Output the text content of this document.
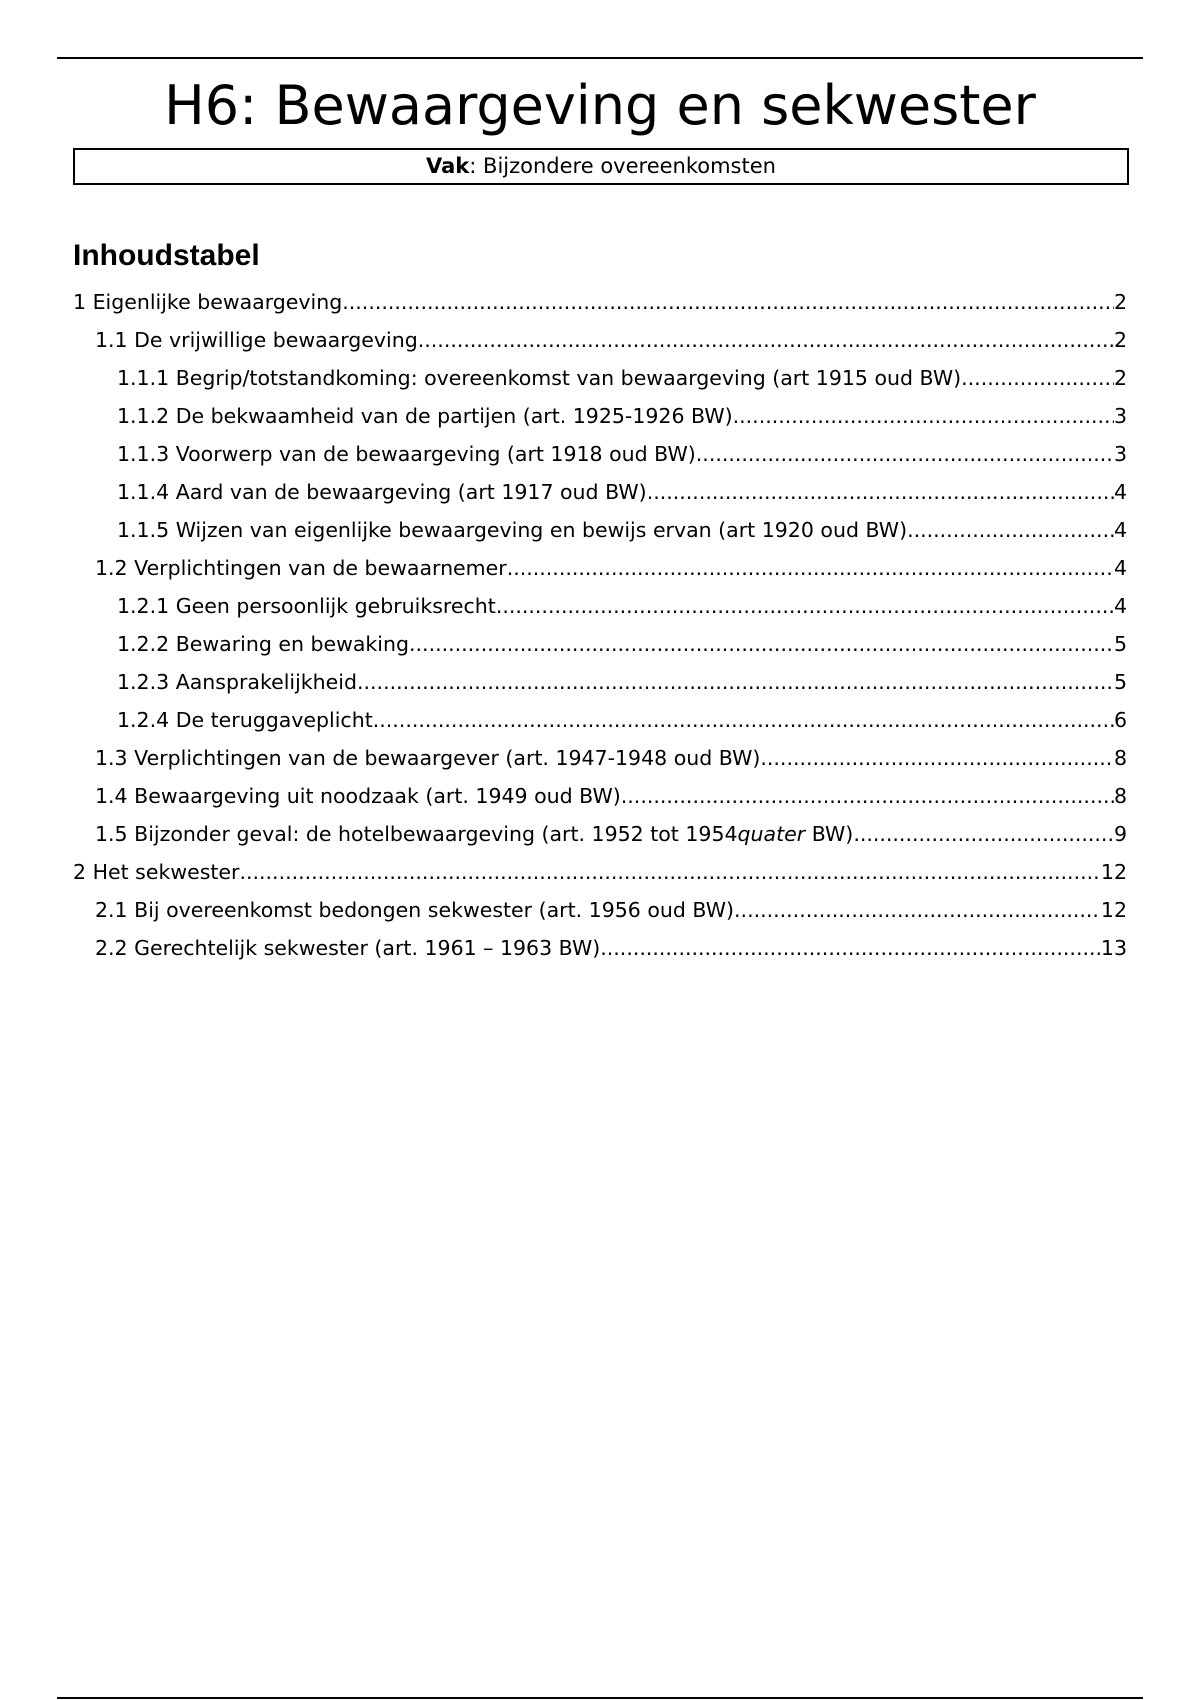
H6: Bewaargeving en sekwester
Vak: Bijzondere overeenkomsten
Inhoudstabel
1 Eigenlijke bewaargeving .....	2
1.1 De vrijwillige bewaargeving .....	2
1.1.1 Begrip/totstandkoming: overeenkomst van bewaargeving (art 1915 oud BW) .....	2
1.1.2 De bekwaamheid van de partijen (art. 1925-1926 BW) .....	3
1.1.3 Voorwerp van de bewaargeving (art 1918 oud BW) .....	3
1.1.4 Aard van de bewaargeving (art 1917 oud BW) .....	4
1.1.5 Wijzen van eigenlijke bewaargeving en bewijs ervan (art 1920 oud BW) .....	4
1.2 Verplichtingen van de bewaarnemer .....	4
1.2.1 Geen persoonlijk gebruiksrecht .....	4
1.2.2 Bewaring en bewaking .....	5
1.2.3 Aansprakelijkheid .....	5
1.2.4 De teruggaveplicht .....	6
1.3 Verplichtingen van de bewaargever (art. 1947-1948 oud BW) .....	8
1.4 Bewaargeving uit noodzaak (art. 1949 oud BW) .....	8
1.5 Bijzonder geval: de hotelbewaargeving (art. 1952 tot 1954quater BW) .....	9
2 Het sekwester .....	12
2.1 Bij overeenkomst bedongen sekwester (art. 1956 oud BW) .....	12
2.2 Gerechtelijk sekwester (art. 1961 – 1963 BW) .....	13
